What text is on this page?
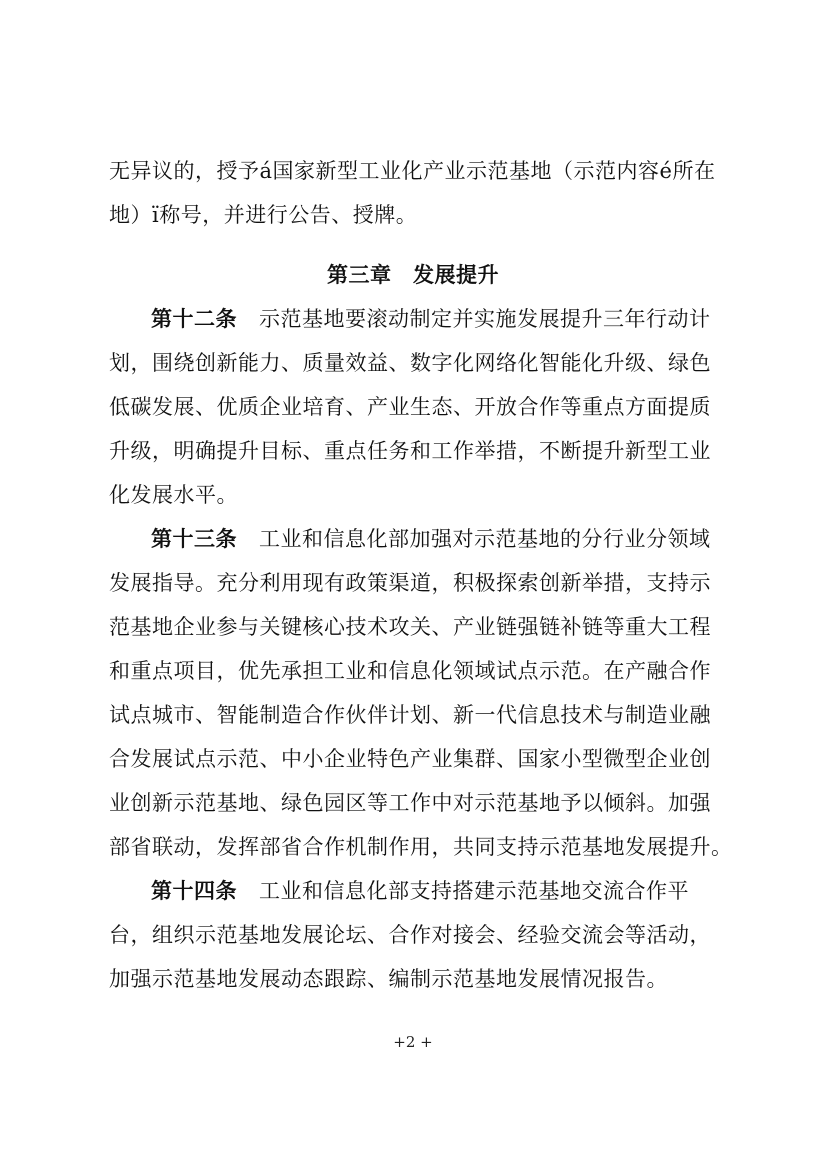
无异议的，授予á国家新型工业化产业示范基地（示范内容é所在
地）ï称号，并进行公告、授牌。
第三章　发展提升
第十二条 示范基地要滚动制定并实施发展提升三年行动计
划，围绕创新能力、质量效益、数字化网络化智能化升级、绿色
低碳发展、优质企业培育、产业生态、开放合作等重点方面提质
升级，明确提升目标、重点任务和工作举措，不断提升新型工业
化发展水平。
第十三条 工业和信息化部加强对示范基地的分行业分领域
发展指导。充分利用现有政策渠道，积极探索创新举措，支持示
范基地企业参与关键核心技术攻关、产业链强链补链等重大工程
和重点项目，优先承担工业和信息化领域试点示范。在产融合作
试点城市、智能制造合作伙伴计划、新一代信息技术与制造业融
合发展试点示范、中小企业特色产业集群、国家小型微型企业创
业创新示范基地、绿色园区等工作中对示范基地予以倾斜。加强
部省联动，发挥部省合作机制作用，共同支持示范基地发展提升。
第十四条 工业和信息化部支持搭建示范基地交流合作平
台，组织示范基地发展论坛、合作对接会、经验交流会等活动，
加强示范基地发展动态跟踪、编制示范基地发展情况报告。
+2 +
